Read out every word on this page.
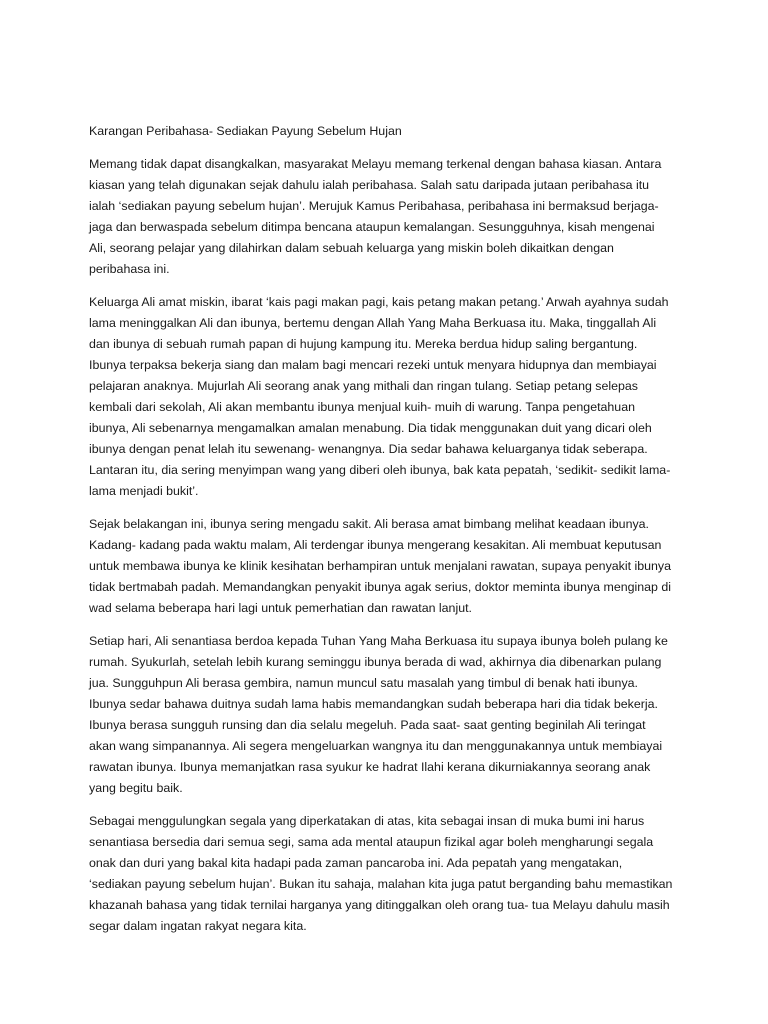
Karangan Peribahasa- Sediakan Payung Sebelum Hujan

Memang tidak dapat disangkalkan, masyarakat Melayu memang terkenal dengan bahasa kiasan. Antara kiasan yang telah digunakan sejak dahulu ialah peribahasa. Salah satu daripada jutaan peribahasa itu ialah ‘sediakan payung sebelum hujan’. Merujuk Kamus Peribahasa, peribahasa ini bermaksud berjaga-jaga dan berwaspada sebelum ditimpa bencana ataupun kemalangan. Sesungguhnya, kisah mengenai Ali, seorang pelajar yang dilahirkan dalam sebuah keluarga yang miskin boleh dikaitkan dengan peribahasa ini.

Keluarga Ali amat miskin, ibarat ‘kais pagi makan pagi, kais petang makan petang.’ Arwah ayahnya sudah lama meninggalkan Ali dan ibunya, bertemu dengan Allah Yang Maha Berkuasa itu. Maka, tinggallah Ali dan ibunya di sebuah rumah papan di hujung kampung itu. Mereka berdua hidup saling bergantung. Ibunya terpaksa bekerja siang dan malam bagi mencari rezeki untuk menyara hidupnya dan membiayai pelajaran anaknya. Mujurlah Ali seorang anak yang mithali dan ringan tulang. Setiap petang selepas kembali dari sekolah, Ali akan membantu ibunya menjual kuih- muih di warung. Tanpa pengetahuan ibunya, Ali sebenarnya mengamalkan amalan menabung. Dia tidak menggunakan duit yang dicari oleh ibunya dengan penat lelah itu sewenang- wenangnya. Dia sedar bahawa keluarganya tidak seberapa. Lantaran itu, dia sering menyimpan wang yang diberi oleh ibunya, bak kata pepatah, ‘sedikit- sedikit lama- lama menjadi bukit’.

Sejak belakangan ini, ibunya sering mengadu sakit. Ali berasa amat bimbang melihat keadaan ibunya. Kadang- kadang pada waktu malam, Ali terdengar ibunya mengerang kesakitan. Ali membuat keputusan untuk membawa ibunya ke klinik kesihatan berhampiran untuk menjalani rawatan, supaya penyakit ibunya tidak bertmabah padah. Memandangkan penyakit ibunya agak serius, doktor meminta ibunya menginap di wad selama beberapa hari lagi untuk pemerhatian dan rawatan lanjut.

Setiap hari, Ali senantiasa berdoa kepada Tuhan Yang Maha Berkuasa itu supaya ibunya boleh pulang ke rumah. Syukurlah, setelah lebih kurang seminggu ibunya berada di wad, akhirnya dia dibenarkan pulang jua. Sungguhpun Ali berasa gembira, namun muncul satu masalah yang timbul di benak hati ibunya. Ibunya sedar bahawa duitnya sudah lama habis memandangkan sudah beberapa hari dia tidak bekerja. Ibunya berasa sungguh runsing dan dia selalu megeluh. Pada saat- saat genting beginilah Ali teringat akan wang simpanannya. Ali segera mengeluarkan wangnya itu dan menggunakannya untuk membiayai rawatan ibunya. Ibunya memanjatkan rasa syukur ke hadrat Ilahi kerana dikurniakannya seorang anak yang begitu baik.

Sebagai menggulungkan segala yang diperkatakan di atas, kita sebagai insan di muka bumi ini harus senantiasa bersedia dari semua segi, sama ada mental ataupun fizikal agar boleh mengharungi segala onak dan duri yang bakal kita hadapi pada zaman pancaroba ini. Ada pepatah yang mengatakan, ‘sediakan payung sebelum hujan’. Bukan itu sahaja, malahan kita juga patut berganding bahu memastikan khazanah bahasa yang tidak ternilai harganya yang ditinggalkan oleh orang tua- tua Melayu dahulu masih segar dalam ingatan rakyat negara kita.
